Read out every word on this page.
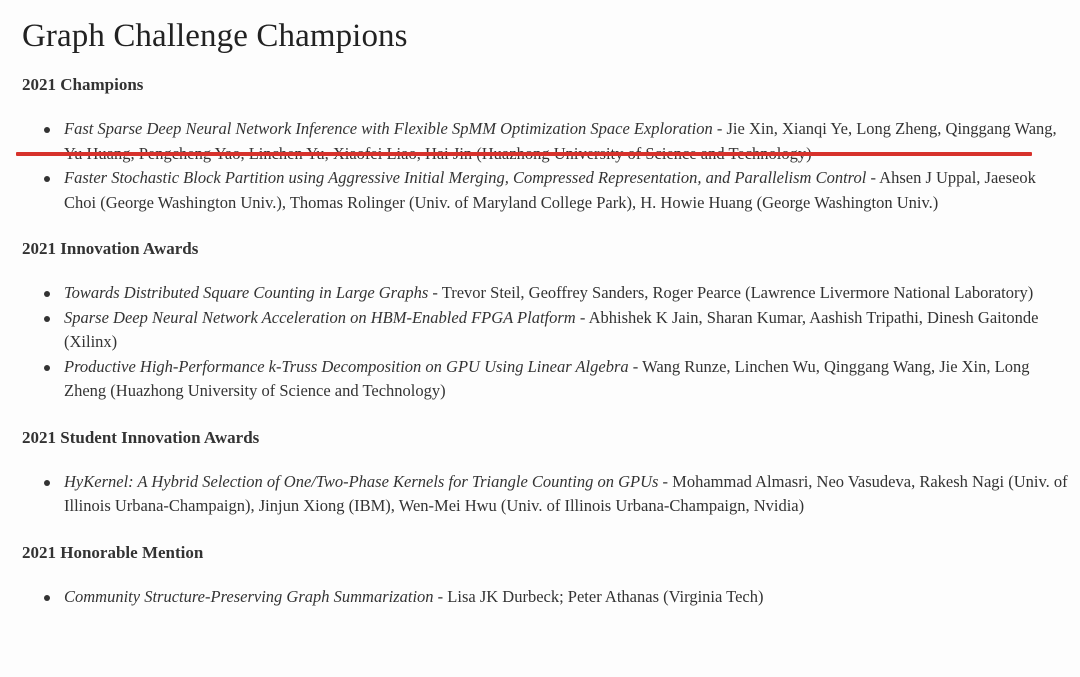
Graph Challenge Champions
2021 Champions
Fast Sparse Deep Neural Network Inference with Flexible SpMM Optimization Space Exploration - Jie Xin, Xianqi Ye, Long Zheng, Qinggang Wang,
Faster Stochastic Block Partition using Aggressive Initial Merging, Compressed Representation, and Parallelism Control - Ahsen J Uppal, Jaeseok Choi (George Washington Univ.), Thomas Rolinger (Univ. of Maryland College Park), H. Howie Huang (George Washington Univ.)
2021 Innovation Awards
Towards Distributed Square Counting in Large Graphs - Trevor Steil, Geoffrey Sanders, Roger Pearce (Lawrence Livermore National Laboratory)
Sparse Deep Neural Network Acceleration on HBM-Enabled FPGA Platform - Abhishek K Jain, Sharan Kumar, Aashish Tripathi, Dinesh Gaitonde (Xilinx)
Productive High-Performance k-Truss Decomposition on GPU Using Linear Algebra - Wang Runze, Linchen Wu, Qinggang Wang, Jie Xin, Long Zheng (Huazhong University of Science and Technology)
2021 Student Innovation Awards
HyKernel: A Hybrid Selection of One/Two-Phase Kernels for Triangle Counting on GPUs - Mohammad Almasri, Neo Vasudeva, Rakesh Nagi (Univ. of Illinois Urbana-Champaign), Jinjun Xiong (IBM), Wen-Mei Hwu (Univ. of Illinois Urbana-Champaign, Nvidia)
2021 Honorable Mention
Community Structure-Preserving Graph Summarization - Lisa JK Durbeck; Peter Athanas (Virginia Tech)
